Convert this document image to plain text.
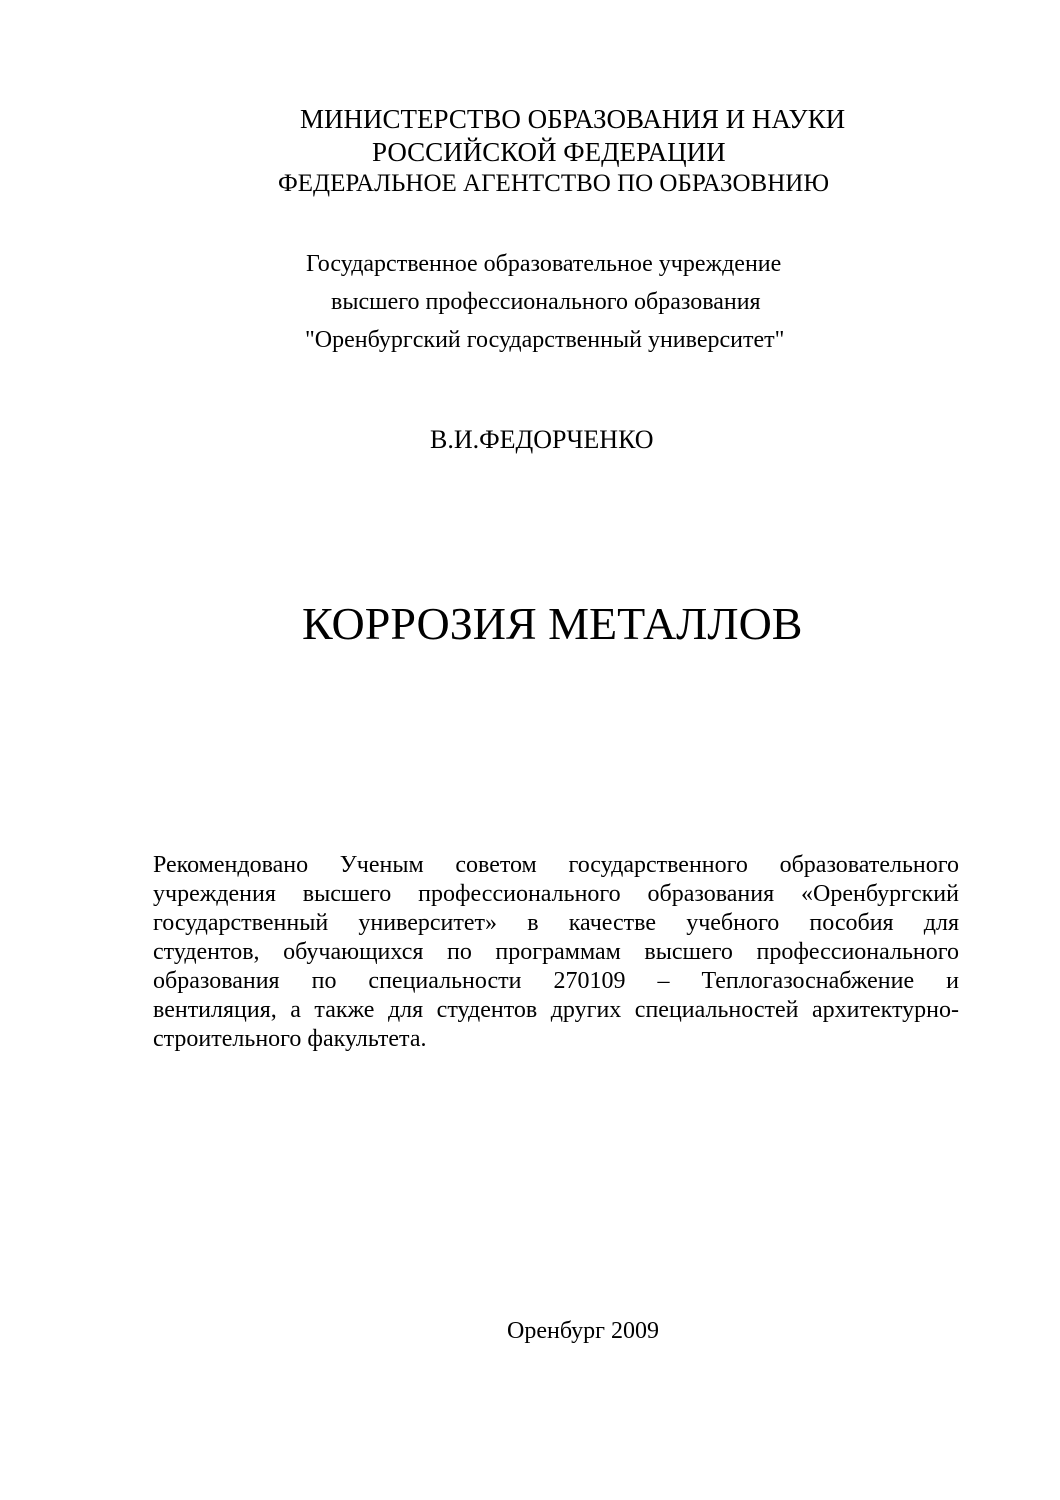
МИНИСТЕРСТВО ОБРАЗОВАНИЯ И НАУКИ
РОССИЙСКОЙ ФЕДЕРАЦИИ
ФЕДЕРАЛЬНОЕ АГЕНТСТВО ПО ОБРАЗОВНИЮ
Государственное образовательное учреждение
высшего профессионального образования
"Оренбургский государственный университет"
В.И.ФЕДОРЧЕНКО
КОРРОЗИЯ МЕТАЛЛОВ
Рекомендовано Ученым советом государственного образовательного
учреждения высшего профессионального образования «Оренбургский
государственный университет» в качестве учебного пособия для
студентов, обучающихся по программам высшего профессионального
образования по специальности 270109 – Теплогазоснабжение и
вентиляция, а также для студентов других специальностей архитектурно-
строительного факультета.
Оренбург 2009
